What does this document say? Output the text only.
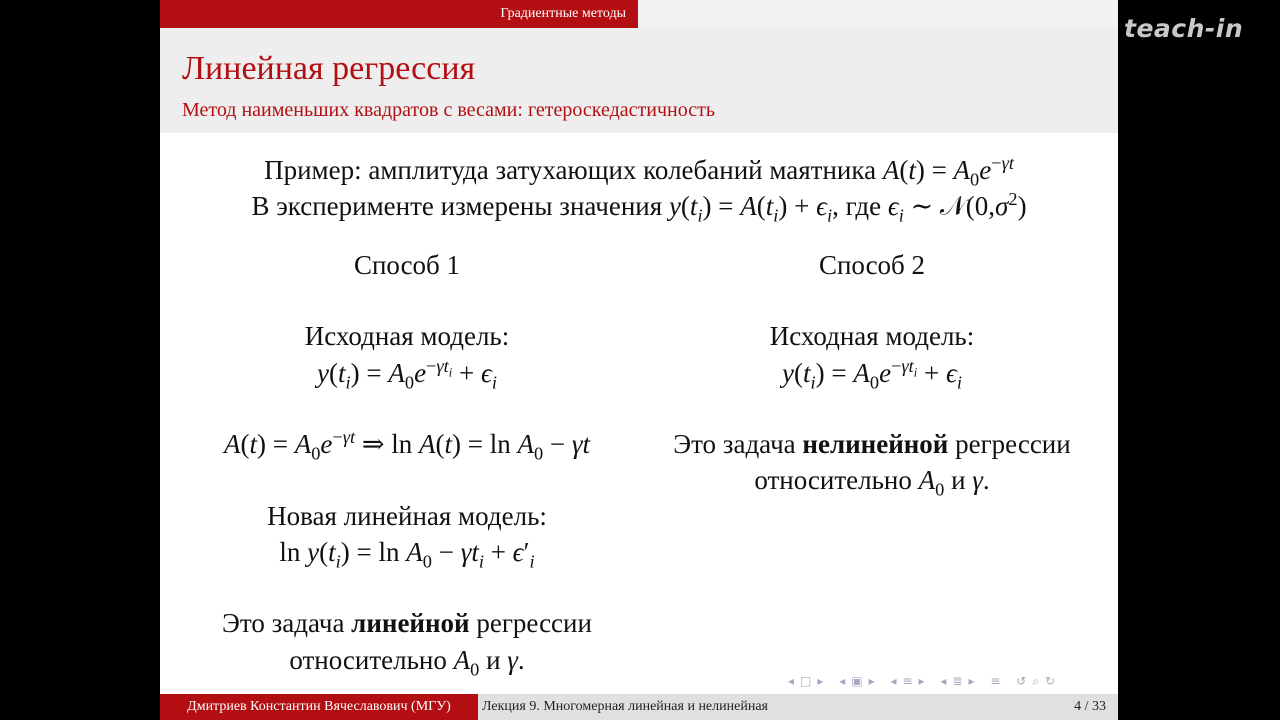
teach-in
Градиентные методы
Линейная регрессия
Метод наименьших квадратов с весами: гетероскедастичность
Пример: амплитуда затухающих колебаний маятника $A(t) = A_0e^{-\gamma t}$
В эксперименте измерены значения $y(t_i) = A(t_i) + \epsilon_i$, где $\epsilon_i$ ∼ $𝒩(0,\sigma^2)$
Способ 1
Исходная модель:
$y(t_i) = A_0e^{-\gamma t_i} + \epsilon_i$
$A(t) = A_0e^{-\gamma t}$ ⇒ $\ln A(t) = \ln A_0 - \gamma t$
Новая линейная модель:
$\ln y(t_i) = \ln A_0 - \gamma t_i + \epsilon'_i$
Это задача линейной регрессии
относительно $A_0$ и γ.
Способ 2
Исходная модель:
$y(t_i) = A_0e^{-\gamma t_i} + \epsilon_i$
Это задача нелинейной регрессии
относительно $A_0$ и γ.
◂□▸ ◂▣▸ ◂≡▸ ◂≣▸ ≡ ↺⌕↻
Дмитриев Константин Вячеславович (МГУ)	Лекция 9. Многомерная линейная и нелинейная	4 / 33
